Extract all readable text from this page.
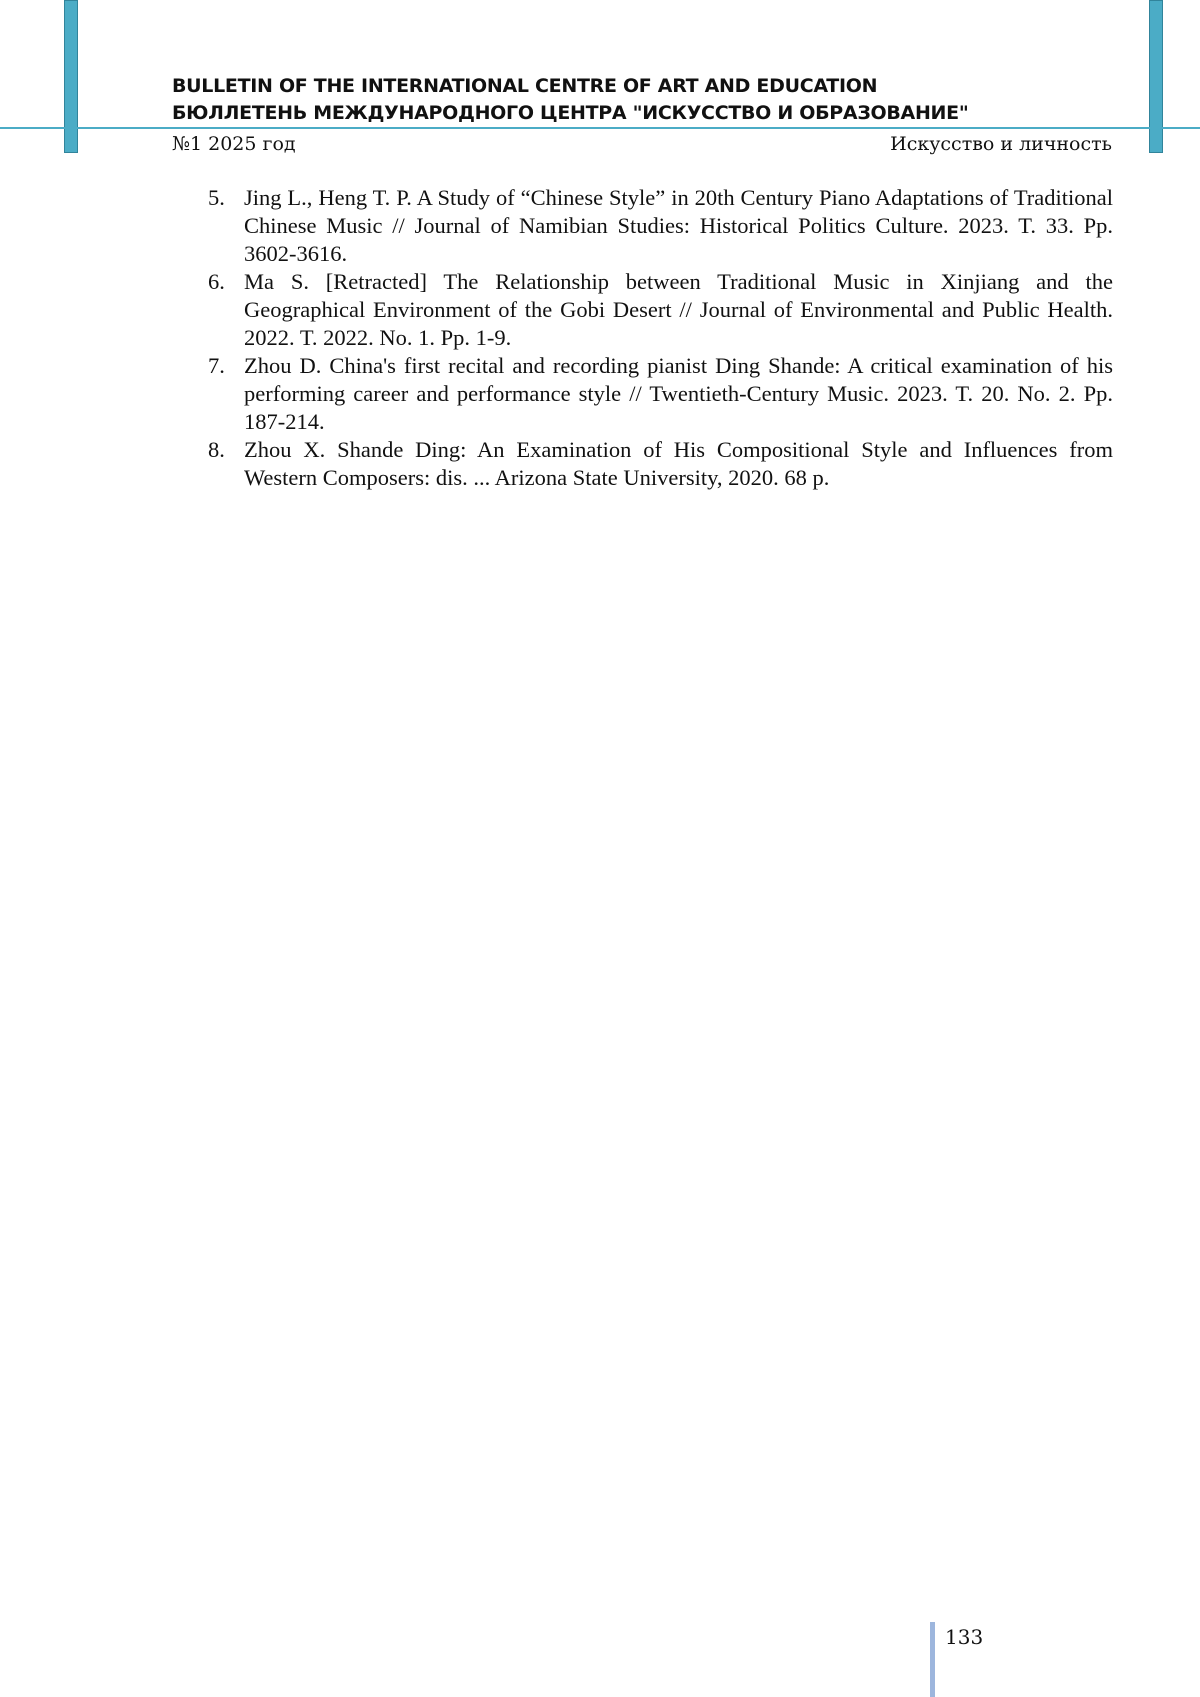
BULLETIN OF THE INTERNATIONAL CENTRE OF ART AND EDUCATION
БЮЛЛЕТЕНЬ МЕЖДУНАРОДНОГО ЦЕНТРА "ИСКУССТВО И ОБРАЗОВАНИЕ"
№1 2025 год	Искусство и личность
5. Jing L., Heng T. P. A Study of “Chinese Style” in 20th Century Piano Adaptations of Traditional Chinese Music // Journal of Namibian Studies: Historical Politics Culture. 2023. T. 33. Pp. 3602-3616.
6. Ma S. [Retracted] The Relationship between Traditional Music in Xinjiang and the Geographical Environment of the Gobi Desert // Journal of Environmental and Public Health. 2022. T. 2022. No. 1. Pp. 1-9.
7. Zhou D. China's first recital and recording pianist Ding Shande: A critical examination of his performing career and performance style // Twentieth-Century Music. 2023. T. 20. No. 2. Pp. 187-214.
8. Zhou X. Shande Ding: An Examination of His Compositional Style and Influences from Western Composers: dis. ... Arizona State University, 2020. 68 p.
133
